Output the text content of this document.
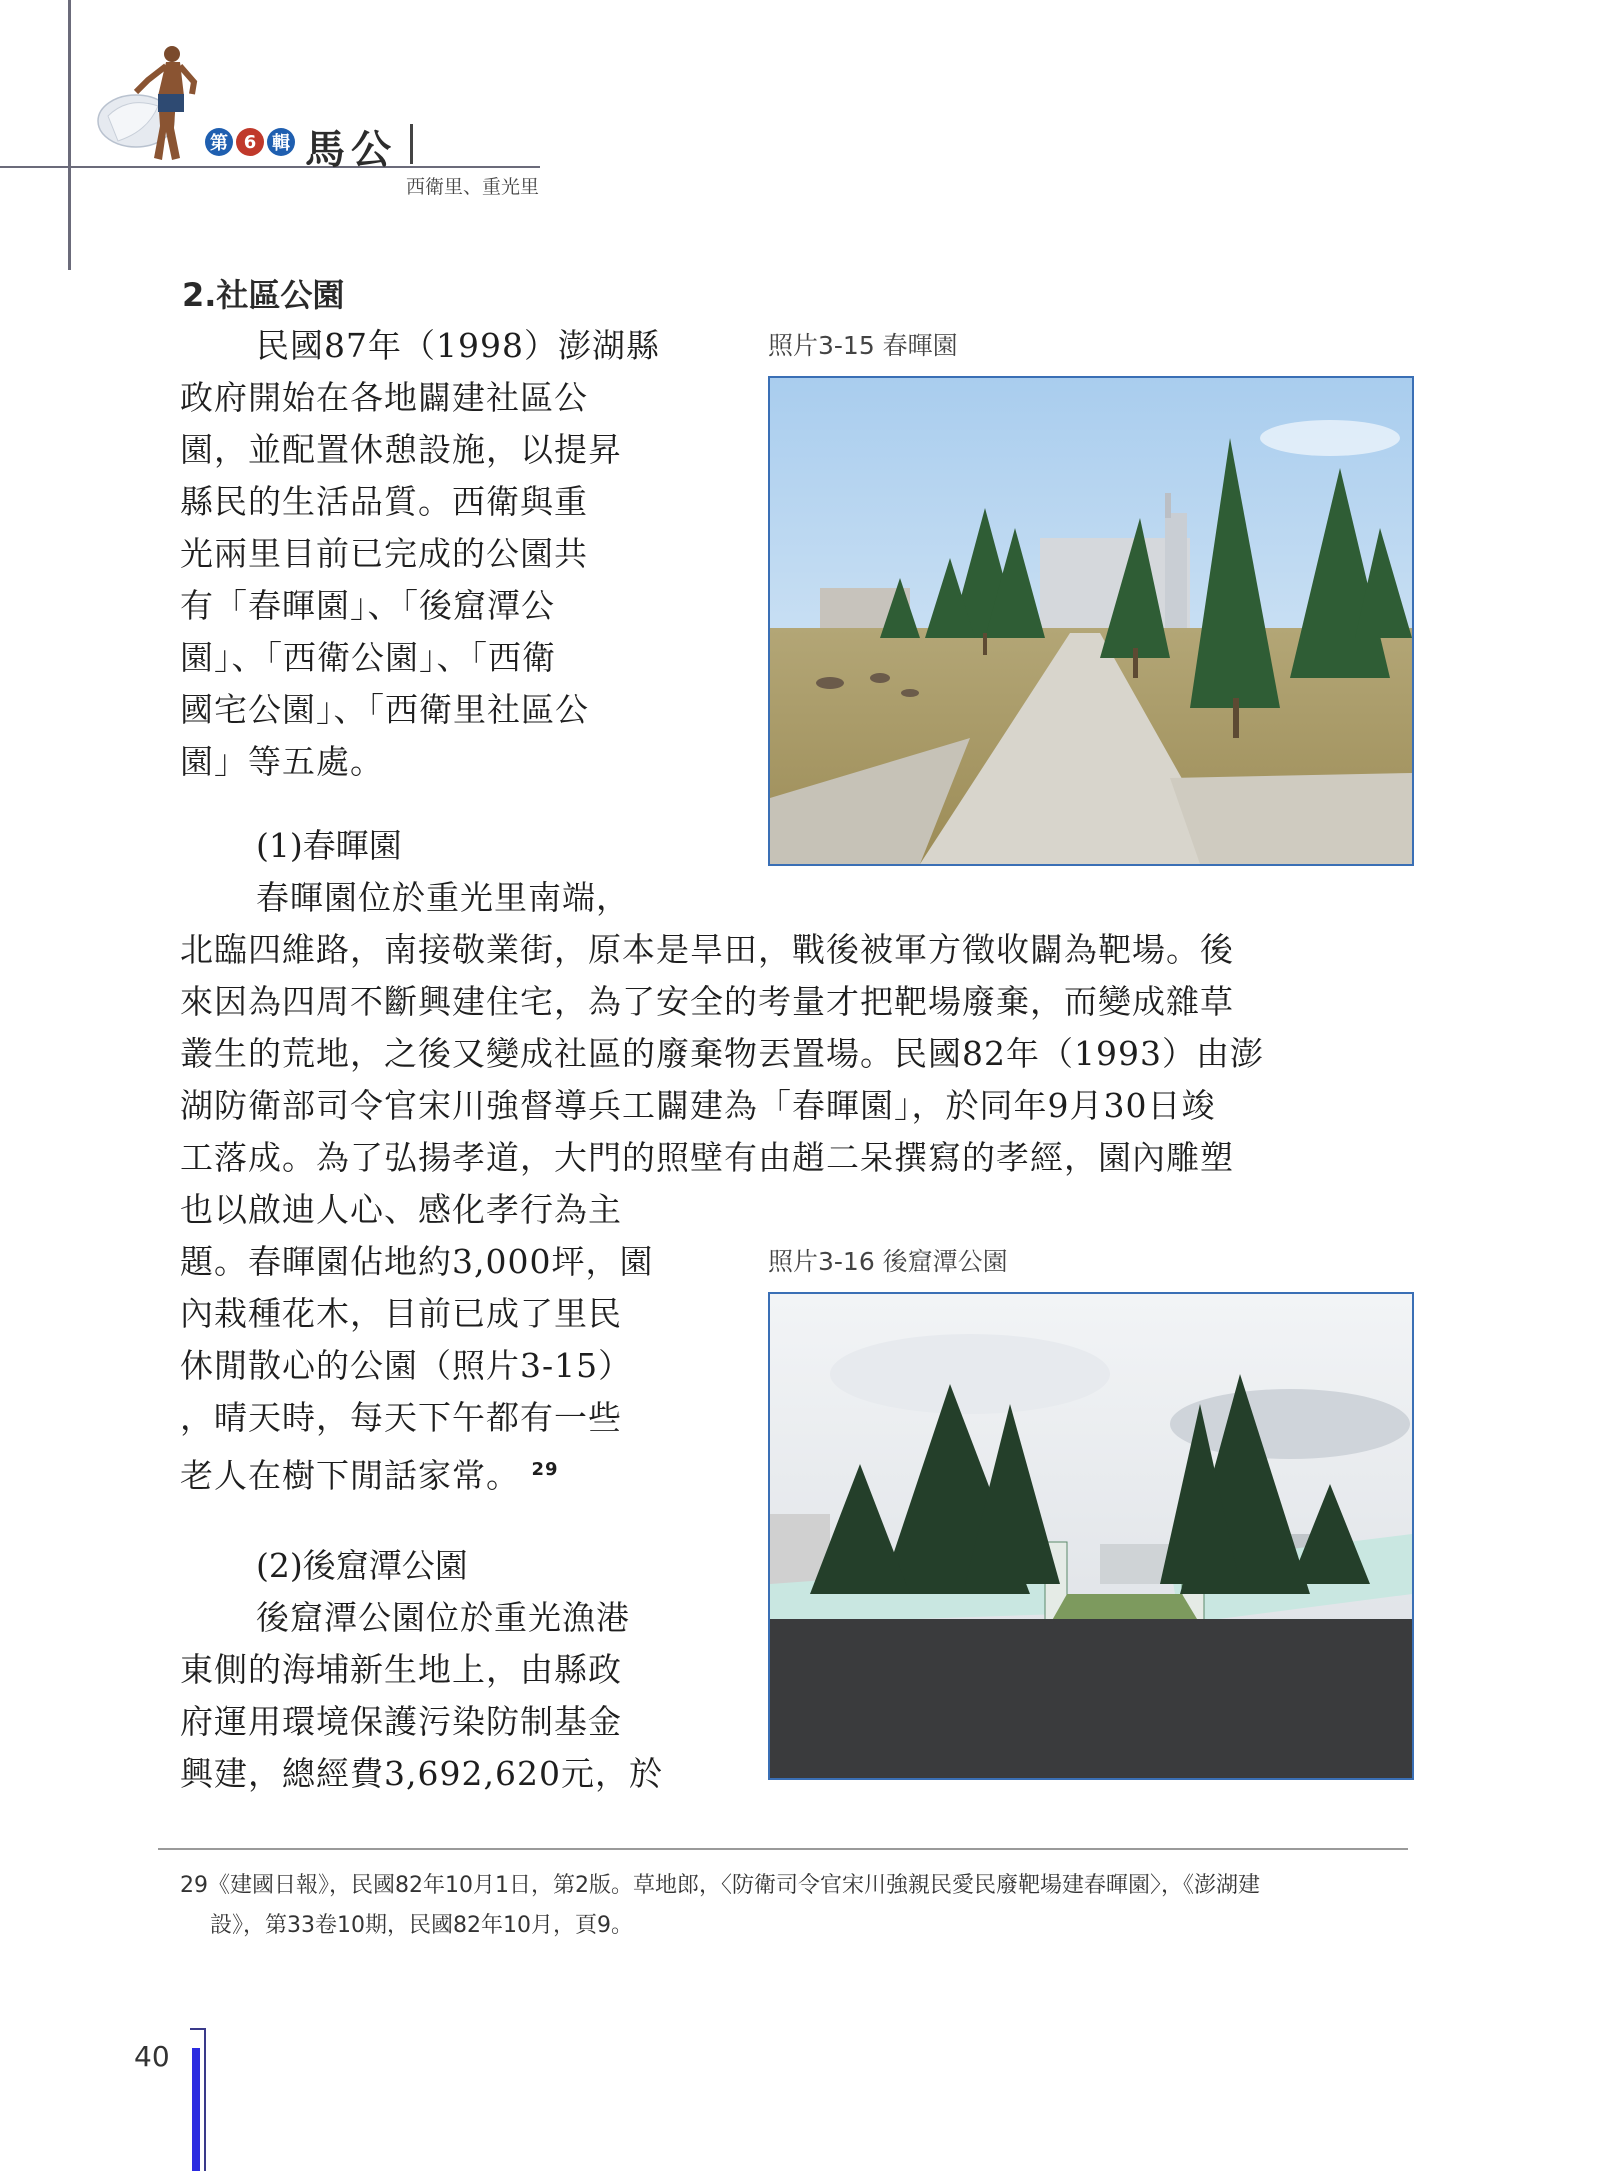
第 6 輯 馬公
西衛里、重光里
2.社區公園
民國87年（1998）澎湖縣
政府開始在各地闢建社區公
園，並配置休憩設施，以提昇
縣民的生活品質。西衛與重
光兩里目前已完成的公園共
有「春暉園」、「後窟潭公
園」、「西衛公園」、「西衛
國宅公園」、「西衛里社區公
園」等五處。
(1)春暉園
春暉園位於重光里南端，
北臨四維路，南接敬業街，原本是旱田，戰後被軍方徵收闢為靶場。後
來因為四周不斷興建住宅，為了安全的考量才把靶場廢棄，而變成雜草
叢生的荒地，之後又變成社區的廢棄物丟置場。民國82年（1993）由澎
湖防衛部司令官宋川強督導兵工闢建為「春暉園」，於同年9月30日竣
工落成。為了弘揚孝道，大門的照壁有由趙二呆撰寫的孝經，園內雕塑
也以啟迪人心、感化孝行為主
題。春暉園佔地約3,000坪，園
內栽種花木，目前已成了里民
休閒散心的公園（照片3-15）
，晴天時，每天下午都有一些
老人在樹下閒話家常。 $^{29}$
(2)後窟潭公園
後窟潭公園位於重光漁港
東側的海埔新生地上，由縣政
府運用環境保護污染防制基金
興建，總經費3,692,620元，於
照片3-15 春暉園
照片3-16 後窟潭公園
29《建國日報》，民國82年10月1日，第2版。草地郎，〈防衛司令官宋川強親民愛民廢靶場建春暉園〉，《澎湖建
設》，第33卷10期，民國82年10月，頁9。
40
